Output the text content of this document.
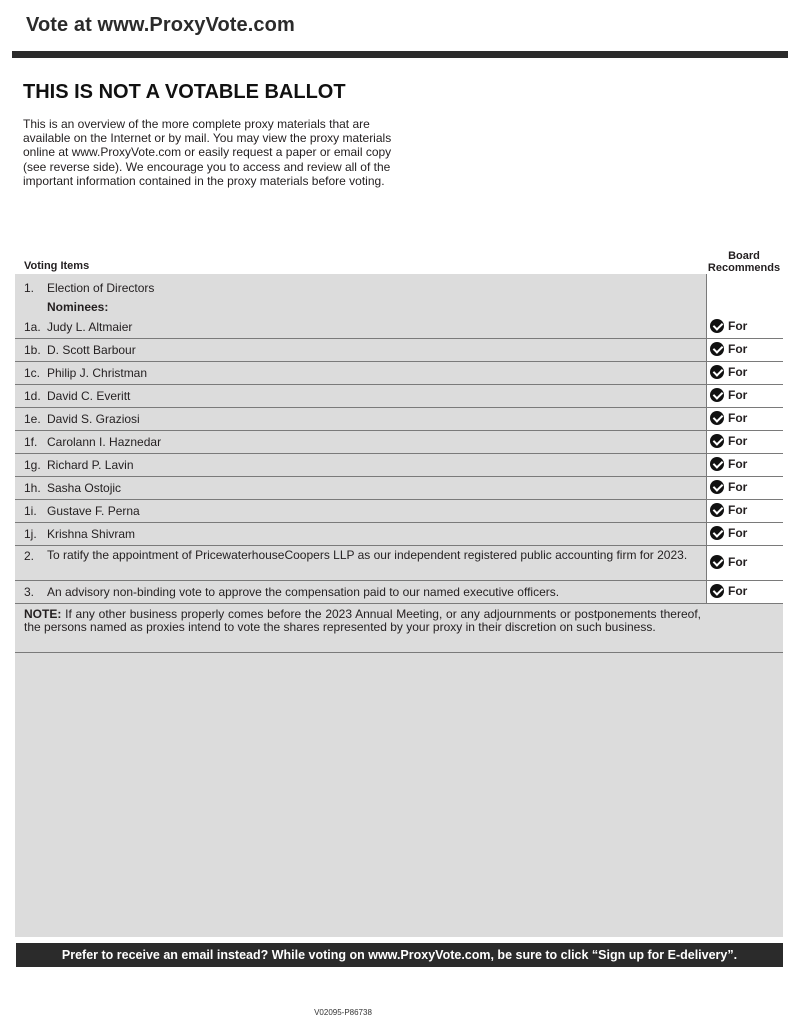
Vote at www.ProxyVote.com
THIS IS NOT A VOTABLE BALLOT
This is an overview of the more complete proxy materials that are available on the Internet or by mail. You may view the proxy materials online at www.ProxyVote.com or easily request a paper or email copy (see reverse side). We encourage you to access and review all of the important information contained in the proxy materials before voting.
Board
Recommends
Voting Items
1. Election of Directors
Nominees:
1a. Judy L. Altmaier	For
1b. D. Scott Barbour	For
1c. Philip J. Christman	For
1d. David C. Everitt	For
1e. David S. Graziosi	For
1f. Carolann I. Haznedar	For
1g. Richard P. Lavin	For
1h. Sasha Ostojic	For
1i. Gustave F. Perna	For
1j. Krishna Shivram	For
2. To ratify the appointment of PricewaterhouseCoopers LLP as our independent registered public accounting firm for 2023.	For
3. An advisory non-binding vote to approve the compensation paid to our named executive officers.	For
NOTE: If any other business properly comes before the 2023 Annual Meeting, or any adjournments or postponements thereof, the persons named as proxies intend to vote the shares represented by your proxy in their discretion on such business.
Prefer to receive an email instead? While voting on www.ProxyVote.com, be sure to click “Sign up for E-delivery”.
V02095-P86738
